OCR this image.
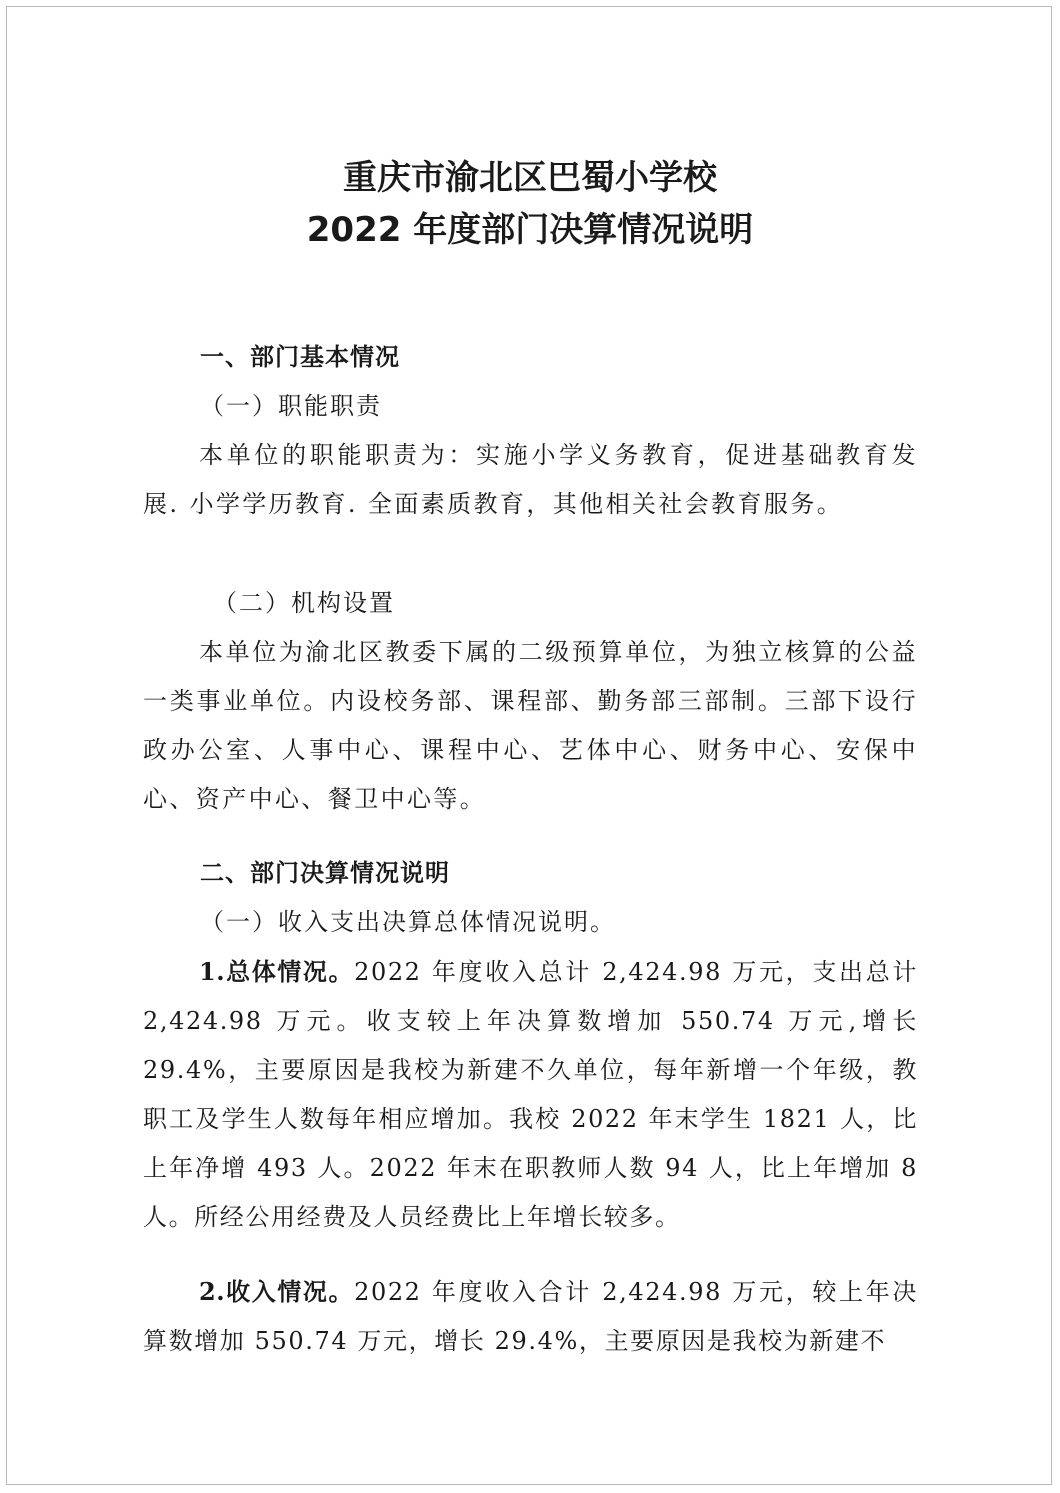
重庆市渝北区巴蜀小学校
2022 年度部门决算情况说明
一、部门基本情况
（一）职能职责
本单位的职能职责为：实施小学义务教育，促进基础教育发展. 小学学历教育. 全面素质教育，其他相关社会教育服务。
（二）机构设置
本单位为渝北区教委下属的二级预算单位，为独立核算的公益一类事业单位。内设校务部、课程部、勤务部三部制。三部下设行政办公室、人事中心、课程中心、艺体中心、财务中心、安保中心、资产中心、餐卫中心等。
二、部门决算情况说明
（一）收入支出决算总体情况说明。
1.总体情况。2022 年度收入总计 2,424.98 万元，支出总计 2,424.98 万元。收支较上年决算数增加 550.74 万元,增长 29.4%，主要原因是我校为新建不久单位，每年新增一个年级，教职工及学生人数每年相应增加。我校 2022 年末学生 1821 人，比上年净增 493 人。2022 年末在职教师人数 94 人，比上年增加 8 人。所经公用经费及人员经费比上年增长较多。
2.收入情况。2022 年度收入合计 2,424.98 万元，较上年决算数增加 550.74 万元，增长 29.4%，主要原因是我校为新建不
